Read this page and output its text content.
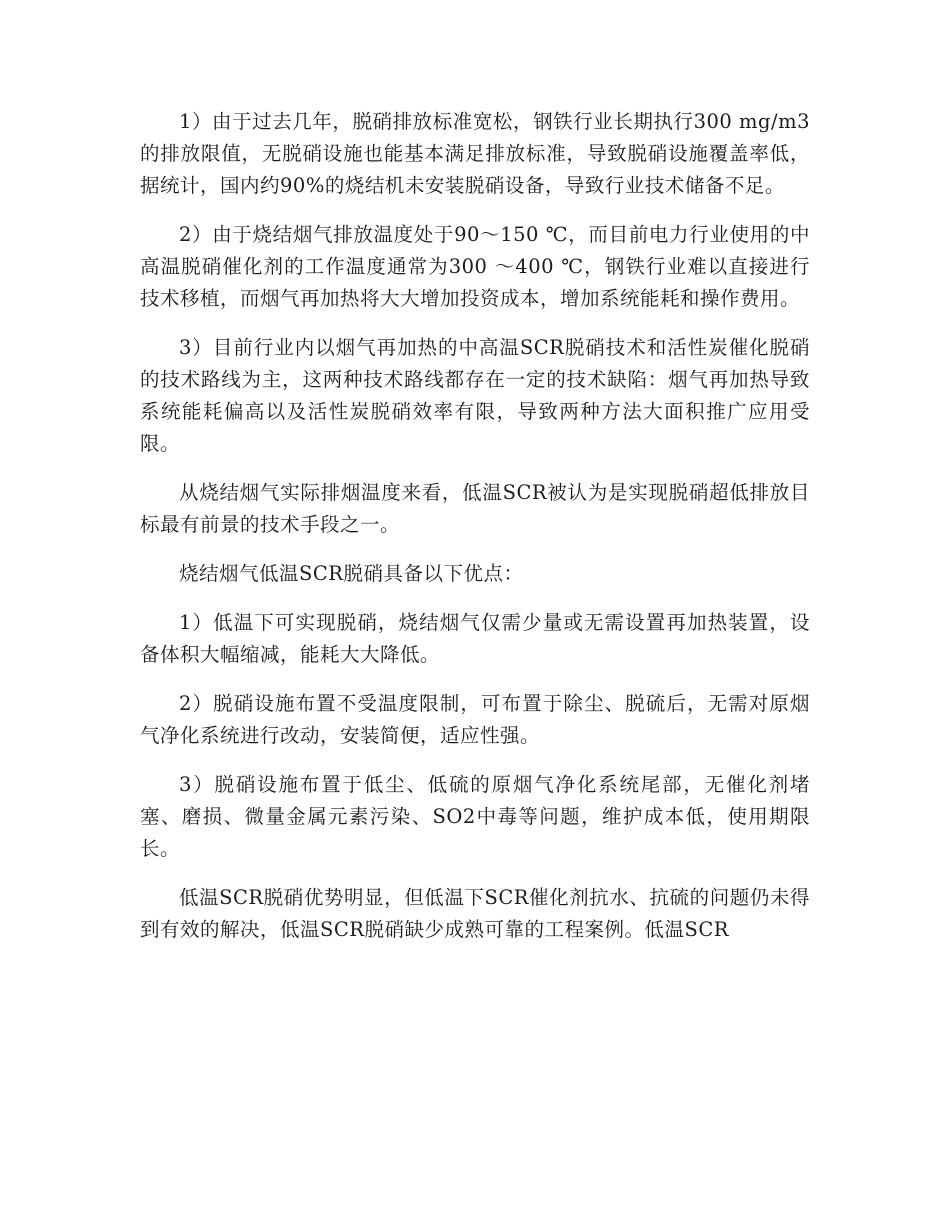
1）由于过去几年，脱硝排放标准宽松，钢铁行业长期执行300 mg/m3的排放限值，无脱硝设施也能基本满足排放标准，导致脱硝设施覆盖率低，据统计，国内约90%的烧结机未安装脱硝设备，导致行业技术储备不足。

2）由于烧结烟气排放温度处于90～150 ℃，而目前电力行业使用的中高温脱硝催化剂的工作温度通常为300 ～400 ℃，钢铁行业难以直接进行技术移植，而烟气再加热将大大增加投资成本，增加系统能耗和操作费用。

3）目前行业内以烟气再加热的中高温SCR脱硝技术和活性炭催化脱硝的技术路线为主，这两种技术路线都存在一定的技术缺陷：烟气再加热导致系统能耗偏高以及活性炭脱硝效率有限，导致两种方法大面积推广应用受限。

从烧结烟气实际排烟温度来看，低温SCR被认为是实现脱硝超低排放目标最有前景的技术手段之一。

烧结烟气低温SCR脱硝具备以下优点：

1）低温下可实现脱硝，烧结烟气仅需少量或无需设置再加热装置，设备体积大幅缩减，能耗大大降低。

2）脱硝设施布置不受温度限制，可布置于除尘、脱硫后，无需对原烟气净化系统进行改动，安装简便，适应性强。

3）脱硝设施布置于低尘、低硫的原烟气净化系统尾部，无催化剂堵塞、磨损、微量金属元素污染、SO2中毒等问题，维护成本低，使用期限长。

低温SCR脱硝优势明显，但低温下SCR催化剂抗水、抗硫的问题仍未得到有效的解决，低温SCR脱硝缺少成熟可靠的工程案例。低温SCR
